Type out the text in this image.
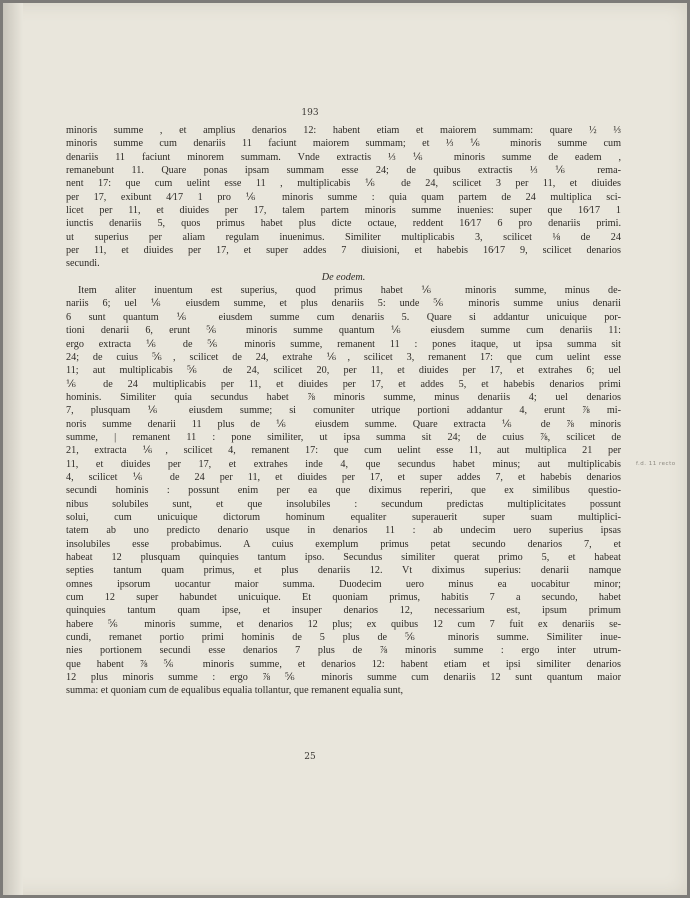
193
minoris summe , et amplius denarios 12: habent etiam et maiorem summam: quare ½ ⅓
minoris summe cum denariis 11 faciunt maiorem summam; et ⅓ ⅙ minoris summe cum
denariis 11 faciunt minorem summam. Vnde extractis ⅓ ⅙ minoris summe de eadem ,
remanebunt 11. Quare ponas ipsam summam esse 24; de quibus extractis ⅓ ⅙ rema-
nent 17: que cum uelint esse 11 , multiplicabis ⅙ de 24, scilicet 3 per 11, et diuides
per 17, exibunt 4⁄17 1 pro ⅙ minoris summe : quia quam partem de 24 multiplica sci-
licet per 11, et diuides per 17, talem partem minoris summe inuenies: super que 16⁄17 1
iunctis denariis 5, quos primus habet plus dicte octaue, reddent 16⁄17 6 pro denariis primi.
ut superius per aliam regulam inuenimus. Similiter multiplicabis 3, scilicet ⅛ de 24
per 11, et diuides per 17, et super addes 7 diuisioni, et habebis 16⁄17 9, scilicet denarios
secundi.
De eodem.
Item aliter inuentum est superius, quod primus habet ⅙ minoris summe, minus de-
nariis 6; uel ⅙ eiusdem summe, et plus denariis 5: unde ⅚ minoris summe unius denarii
6 sunt quantum ⅙ eiusdem summe cum denariis 5. Quare si addantur unicuique por-
tioni denarii 6, erunt ⅚ minoris summe quantum ⅙ eiusdem summe cum denariis 11:
ergo extracta ⅙ de ⅚ minoris summe, remanent 11 : pones itaque, ut ipsa summa sit
24; de cuius ⅚, scilicet de 24, extrahe ⅙, scilicet 3, remanent 17: que cum uelint esse
11; aut multiplicabis ⅚ de 24, scilicet 20, per 11, et diuides per 17, et extrahes 6; uel
⅙ de 24 multiplicabis per 11, et diuides per 17, et addes 5, et habebis denarios primi
hominis. Similiter quia secundus habet ⅞ minoris summe, minus denariis 4; uel denarios
7, plusquam ⅙ eiusdem summe; si comuniter utrique portioni addantur 4, erunt ⅞ mi-
noris summe denarii 11 plus de ⅙ eiusdem summe. Quare extracta ⅙ de ⅞ minoris
summe, | remanent 11 : pone similiter, ut ipsa summa sit 24; de cuius ⅞, scilicet de
21, extracta ⅙, scilicet 4, remanent 17: que cum uelint esse 11, aut multiplica 21 per
11, et diuides per 17, et extrahes inde 4, que secundus habet minus; aut multiplicabis
4, scilicet ⅙ de 24 per 11, et diuides per 17, et super addes 7, et habebis denarios
secundi hominis : possunt enim per ea que diximus reperiri, que ex similibus questio-
nibus solubiles sunt, et que insolubiles : secundum predictas multiplicitates possunt
solui, cum unicuique dictorum hominum equaliter superauerit super suam multiplici-
tatem ab uno predicto denario usque in denarios 11 : ab undecim uero superius ipsas
insolubiles esse probabimus. A cuius exemplum primus petat secundo denarios 7, et
habeat 12 plusquam quinquies tantum ipso. Secundus similiter querat primo 5, et habeat
septies tantum quam primus, et plus denariis 12. Vt diximus superius: denarii namque
omnes ipsorum uocantur maior summa. Duodecim uero minus ea uocabitur minor;
cum 12 super habundet unicuique. Et quoniam primus, habitis 7 a secundo, habet
quinquies tantum quam ipse, et insuper denarios 12, necessarium est, ipsum primum
habere ⅚ minoris summe, et denarios 12 plus; ex quibus 12 cum 7 fuit ex denariis se-
cundi, remanet portio primi hominis de 5 plus de ⅚ minoris summe. Similiter inue-
nies portionem secundi esse denarios 7 plus de ⅞ minoris summe : ergo inter utrum-
que habent ⅞ ⅚ minoris summe, et denarios 12: habent etiam et ipsi similiter denarios
12 plus minoris summe : ergo ⅞ ⅚ minoris summe cum denariis 12 sunt quantum maior
summa: et quoniam cum de equalibus equalia tollantur, que remanent equalia sunt,
f.d. 11 recto
25
